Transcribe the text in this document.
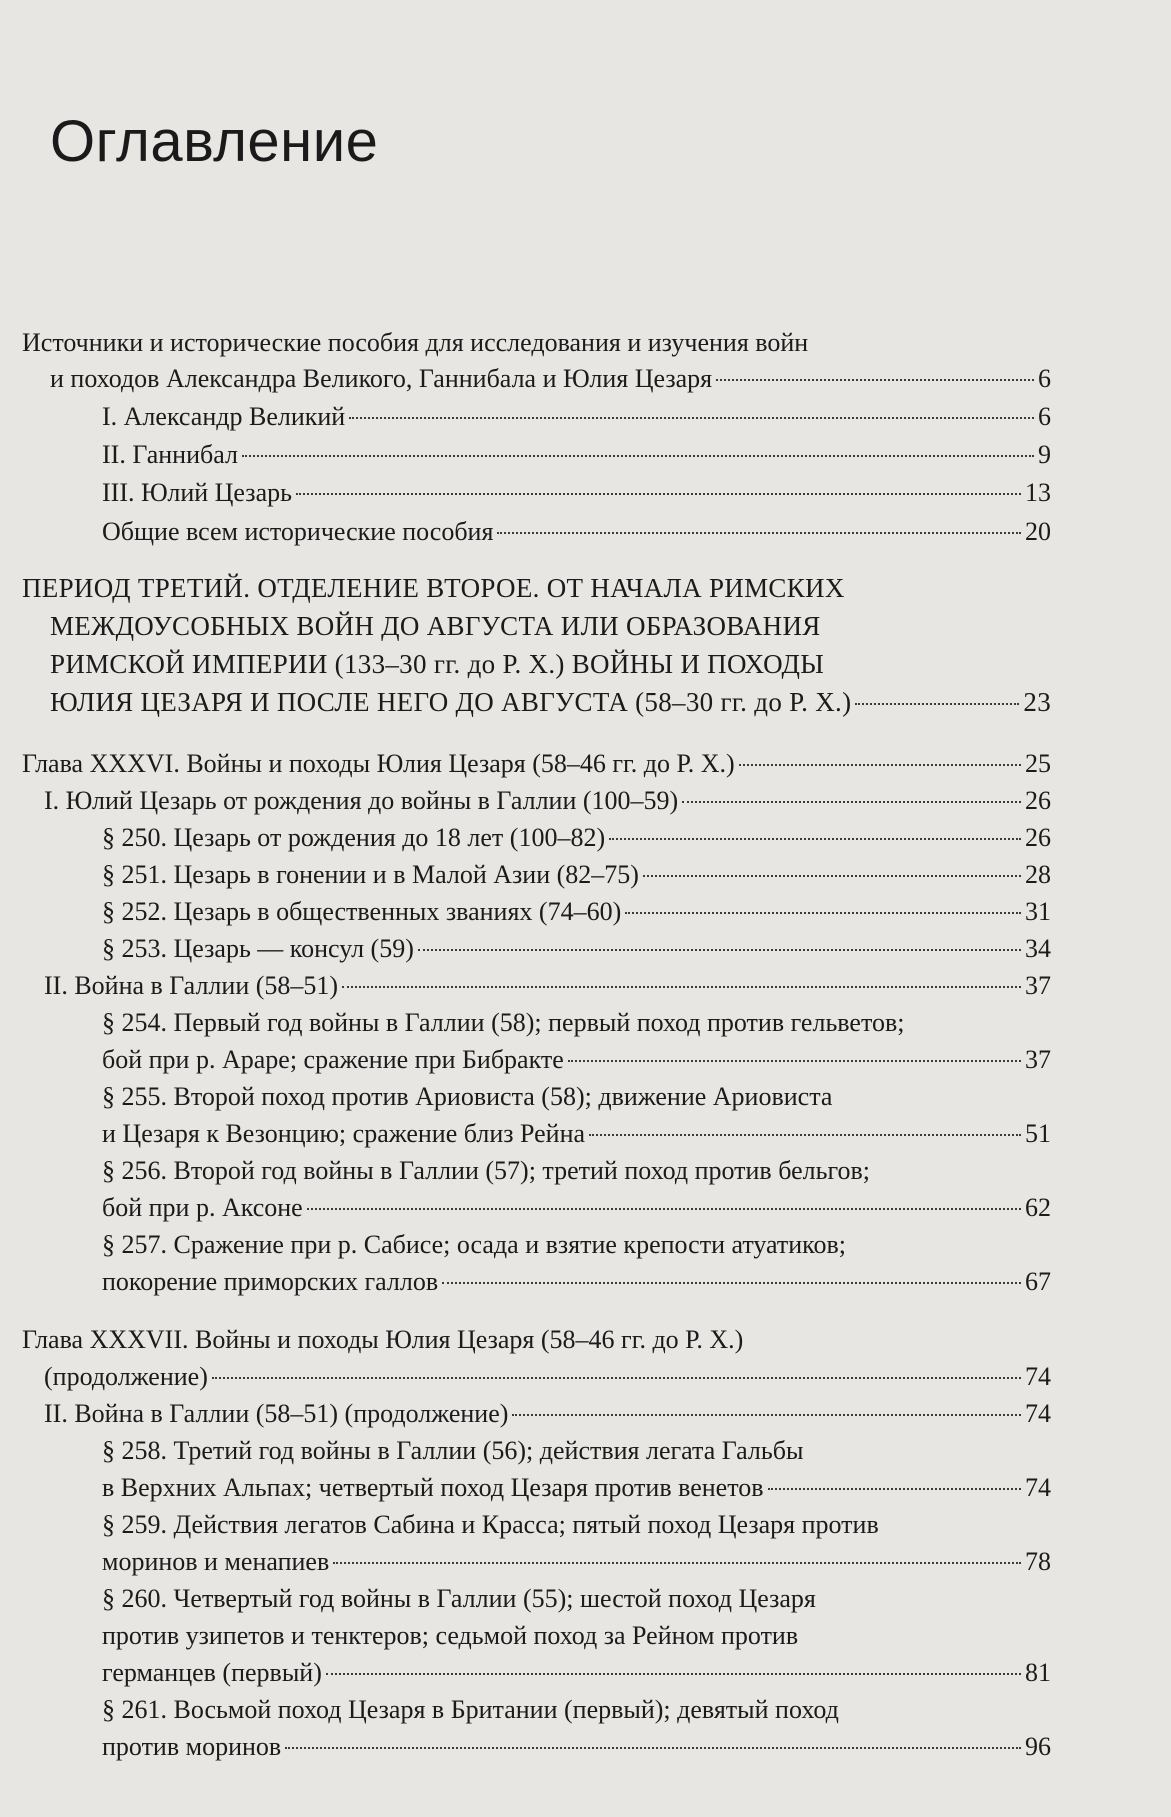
Оглавление
Источники и исторические пособия для исследования и изучения войн
и походов Александра Великого, Ганнибала и Юлия Цезаря	6
I. Александр Великий	6
II. Ганнибал	9
III. Юлий Цезарь	13
Общие всем исторические пособия	20
ПЕРИОД ТРЕТИЙ. ОТДЕЛЕНИЕ ВТОРОЕ. ОТ НАЧАЛА РИМСКИХ
МЕЖДОУСОБНЫХ ВОЙН ДО АВГУСТА ИЛИ ОБРАЗОВАНИЯ
РИМСКОЙ ИМПЕРИИ (133–30 гг. до Р. Х.) ВОЙНЫ И ПОХОДЫ
ЮЛИЯ ЦЕЗАРЯ И ПОСЛЕ НЕГО ДО АВГУСТА (58–30 гг. до Р. Х.)	23
Глава XXXVI. Войны и походы Юлия Цезаря (58–46 гг. до Р. Х.)	25
I. Юлий Цезарь от рождения до войны в Галлии (100–59)	26
§ 250. Цезарь от рождения до 18 лет (100–82)	26
§ 251. Цезарь в гонении и в Малой Азии (82–75)	28
§ 252. Цезарь в общественных званиях (74–60)	31
§ 253. Цезарь — консул (59)	34
II. Война в Галлии (58–51)	37
§ 254. Первый год войны в Галлии (58); первый поход против гельветов;
бой при р. Араре; сражение при Бибракте	37
§ 255. Второй поход против Ариовиста (58); движение Ариовиста
и Цезаря к Везонцию; сражение близ Рейна	51
§ 256. Второй год войны в Галлии (57); третий поход против бельгов;
бой при р. Аксоне	62
§ 257. Сражение при р. Сабисе; осада и взятие крепости атуатиков;
покорение приморских галлов	67
Глава XXXVII. Войны и походы Юлия Цезаря (58–46 гг. до Р. Х.)
(продолжение)	74
II. Война в Галлии (58–51) (продолжение)	74
§ 258. Третий год войны в Галлии (56); действия легата Гальбы
в Верхних Альпах; четвертый поход Цезаря против венетов	74
§ 259. Действия легатов Сабина и Красса; пятый поход Цезаря против
моринов и менапиев	78
§ 260. Четвертый год войны в Галлии (55); шестой поход Цезаря
против узипетов и тенктеров; седьмой поход за Рейном против
германцев (первый)	81
§ 261. Восьмой поход Цезаря в Британии (первый); девятый поход
против моринов	96
